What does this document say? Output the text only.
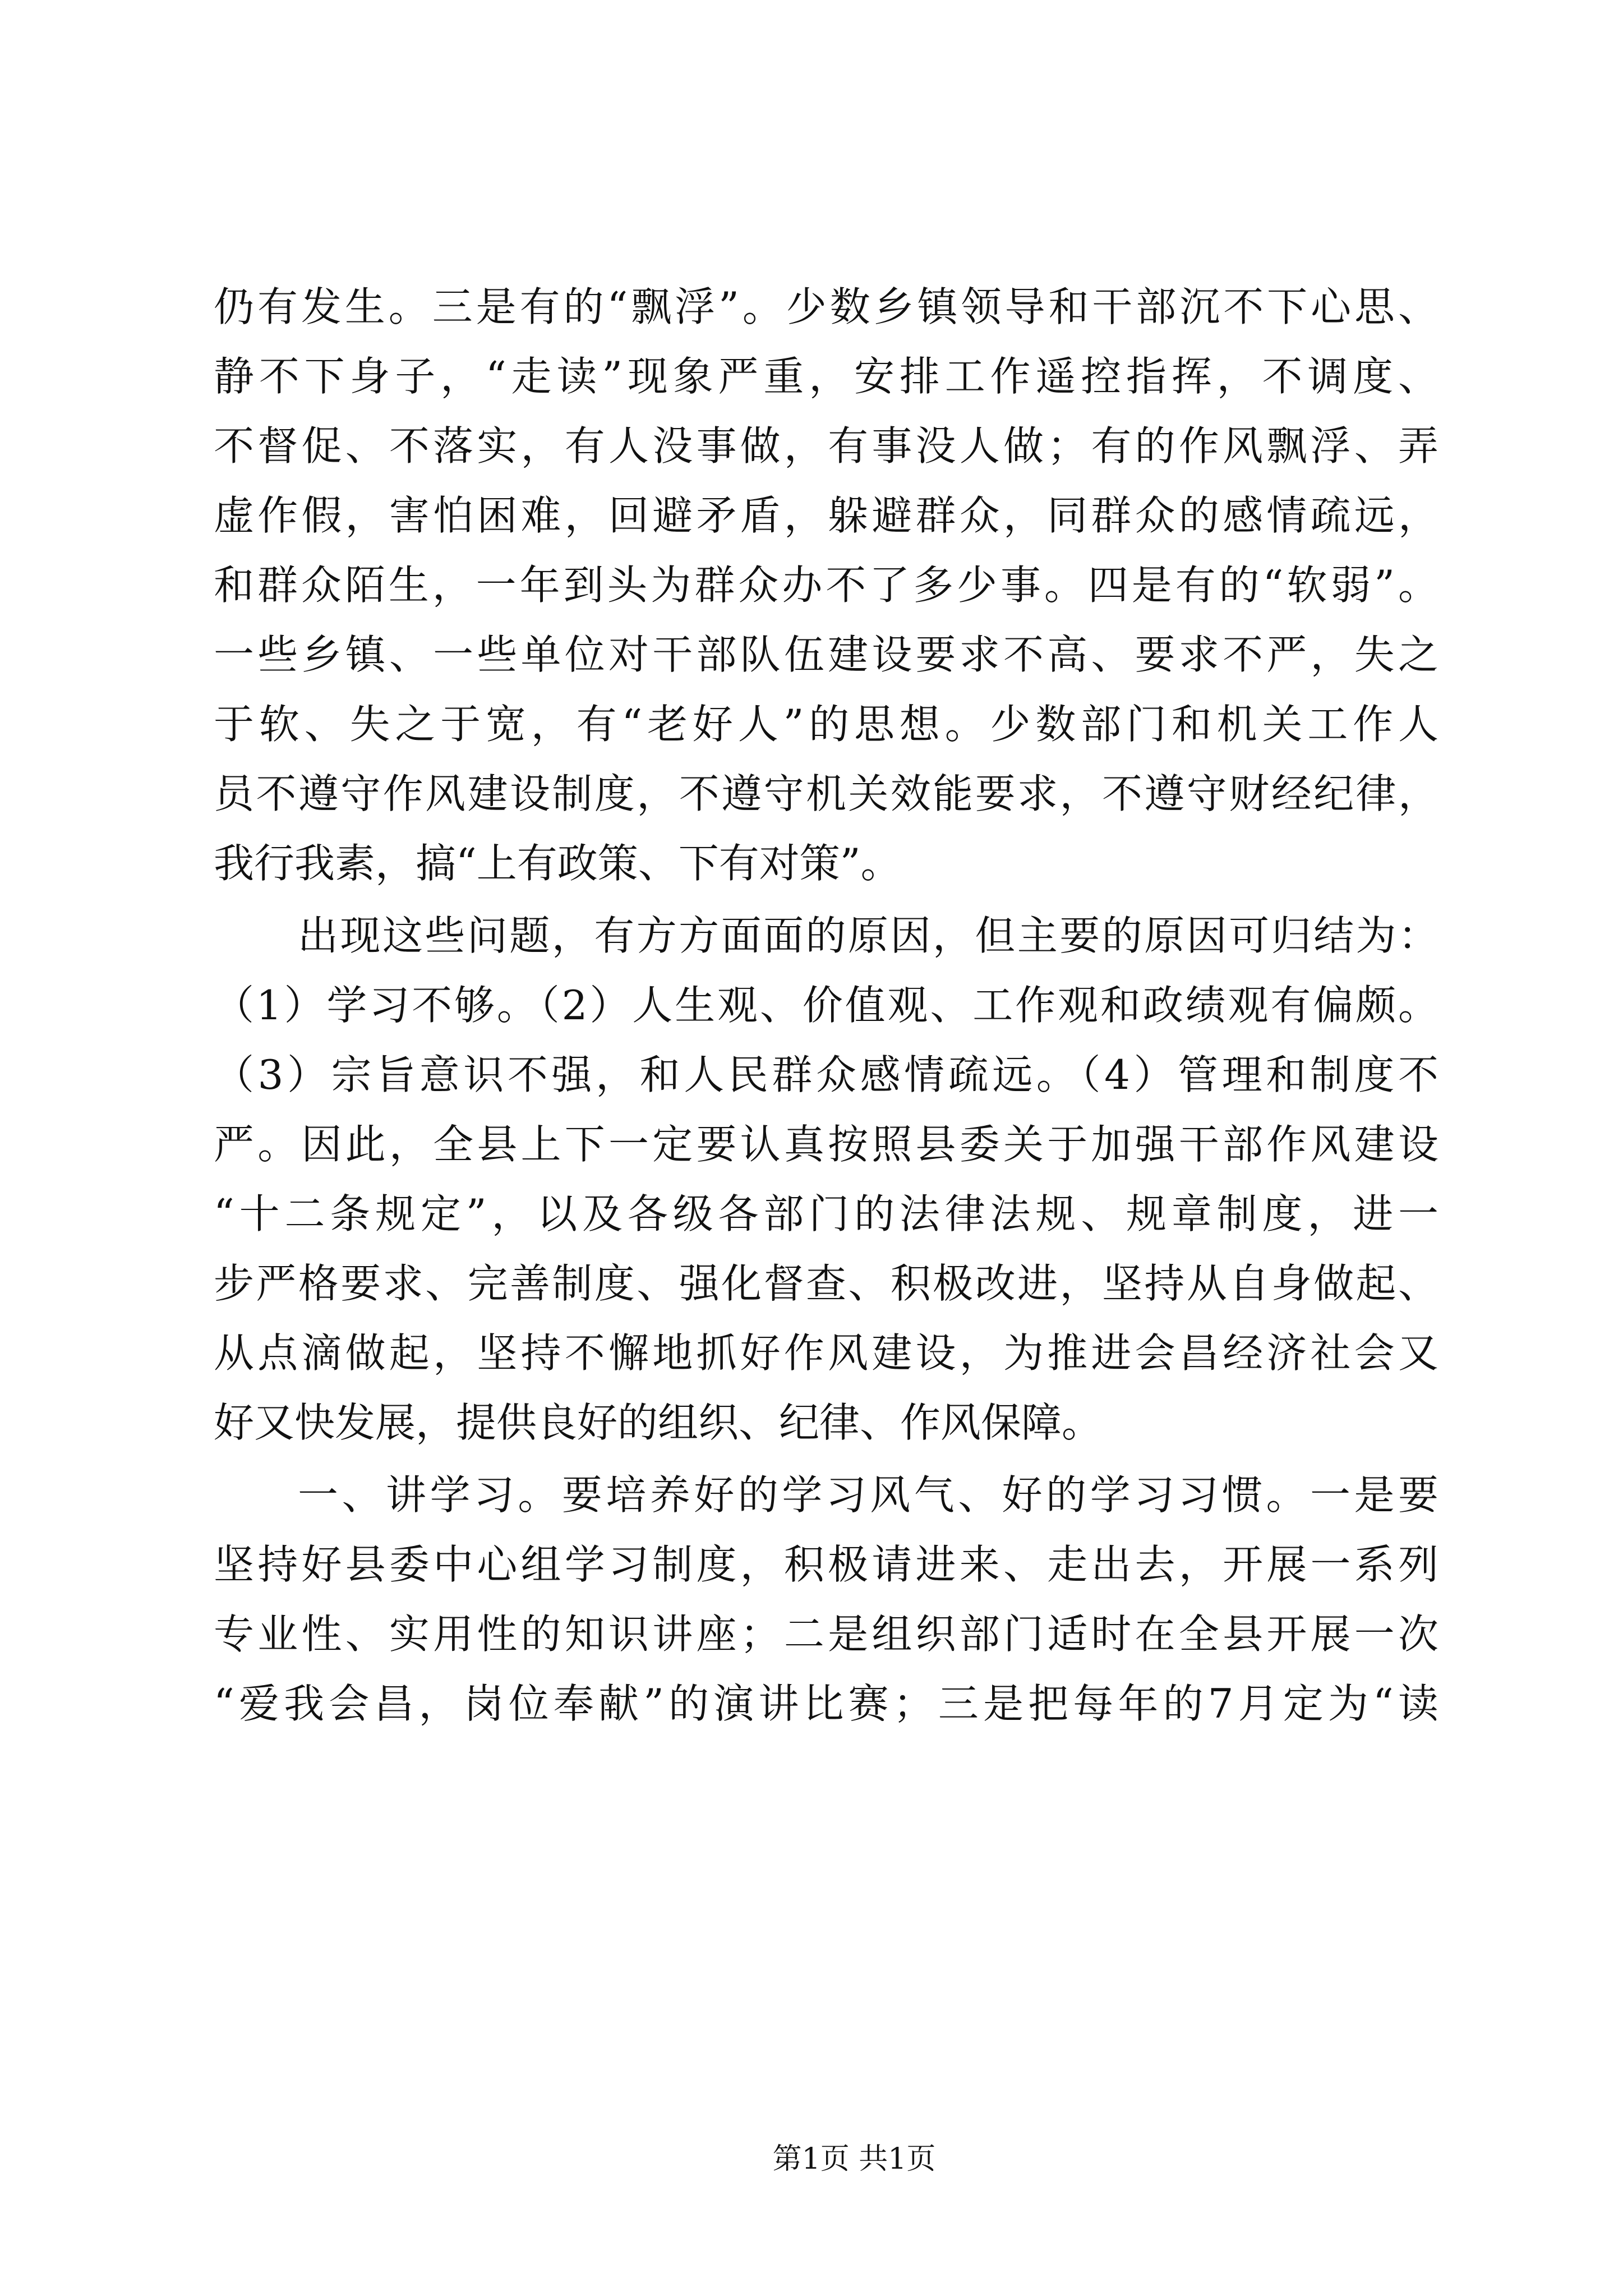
仍有发生。三是有的“飘浮”。少数乡镇领导和干部沉不下心思、
静不下身子，“走读”现象严重，安排工作遥控指挥，不调度、
不督促、不落实，有人没事做，有事没人做；有的作风飘浮、弄
虚作假，害怕困难，回避矛盾，躲避群众，同群众的感情疏远，
和群众陌生，一年到头为群众办不了多少事。四是有的“软弱”。
一些乡镇、一些单位对干部队伍建设要求不高、要求不严，失之
于软、失之于宽，有“老好人”的思想。少数部门和机关工作人
员不遵守作风建设制度，不遵守机关效能要求，不遵守财经纪律，
我行我素，搞“上有政策、下有对策”。
出现这些问题，有方方面面的原因，但主要的原因可归结为：
（1）学习不够。（2）人生观、价值观、工作观和政绩观有偏颇。
（3）宗旨意识不强，和人民群众感情疏远。（4）管理和制度不
严。因此，全县上下一定要认真按照县委关于加强干部作风建设
“十二条规定”，以及各级各部门的法律法规、规章制度，进一
步严格要求、完善制度、强化督查、积极改进，坚持从自身做起、
从点滴做起，坚持不懈地抓好作风建设，为推进会昌经济社会又
好又快发展，提供良好的组织、纪律、作风保障。
一、讲学习。要培养好的学习风气、好的学习习惯。一是要
坚持好县委中心组学习制度，积极请进来、走出去，开展一系列
专业性、实用性的知识讲座；二是组织部门适时在全县开展一次
“爱我会昌，岗位奉献”的演讲比赛；三是把每年的7月定为“读
第1页 共1页
